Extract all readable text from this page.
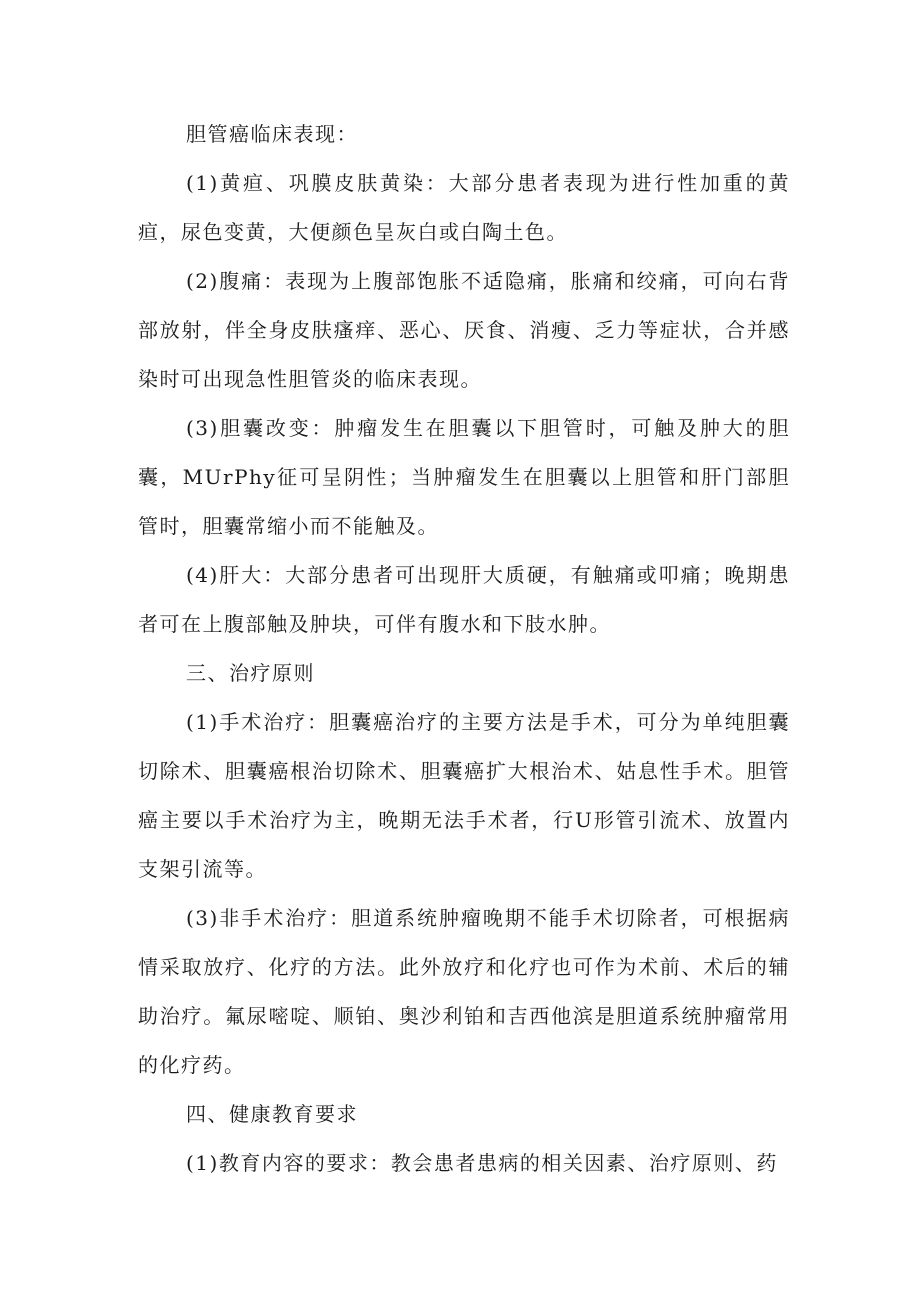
胆管癌临床表现：

(1)黄疸、巩膜皮肤黄染：大部分患者表现为进行性加重的黄疸，尿色变黄，大便颜色呈灰白或白陶土色。

(2)腹痛：表现为上腹部饱胀不适隐痛，胀痛和绞痛，可向右背部放射，伴全身皮肤瘙痒、恶心、厌食、消瘦、乏力等症状，合并感染时可出现急性胆管炎的临床表现。

(3)胆囊改变：肿瘤发生在胆囊以下胆管时，可触及肿大的胆囊，MUrPhy征可呈阴性；当肿瘤发生在胆囊以上胆管和肝门部胆管时，胆囊常缩小而不能触及。

(4)肝大：大部分患者可出现肝大质硬，有触痛或叩痛；晚期患者可在上腹部触及肿块，可伴有腹水和下肢水肿。

三、治疗原则

(1)手术治疗：胆囊癌治疗的主要方法是手术，可分为单纯胆囊切除术、胆囊癌根治切除术、胆囊癌扩大根治术、姑息性手术。胆管癌主要以手术治疗为主，晚期无法手术者，行U形管引流术、放置内支架引流等。

(3)非手术治疗：胆道系统肿瘤晚期不能手术切除者，可根据病情采取放疗、化疗的方法。此外放疗和化疗也可作为术前、术后的辅助治疗。氟尿嘧啶、顺铂、奥沙利铂和吉西他滨是胆道系统肿瘤常用的化疗药。

四、健康教育要求

(1)教育内容的要求：教会患者患病的相关因素、治疗原则、药
